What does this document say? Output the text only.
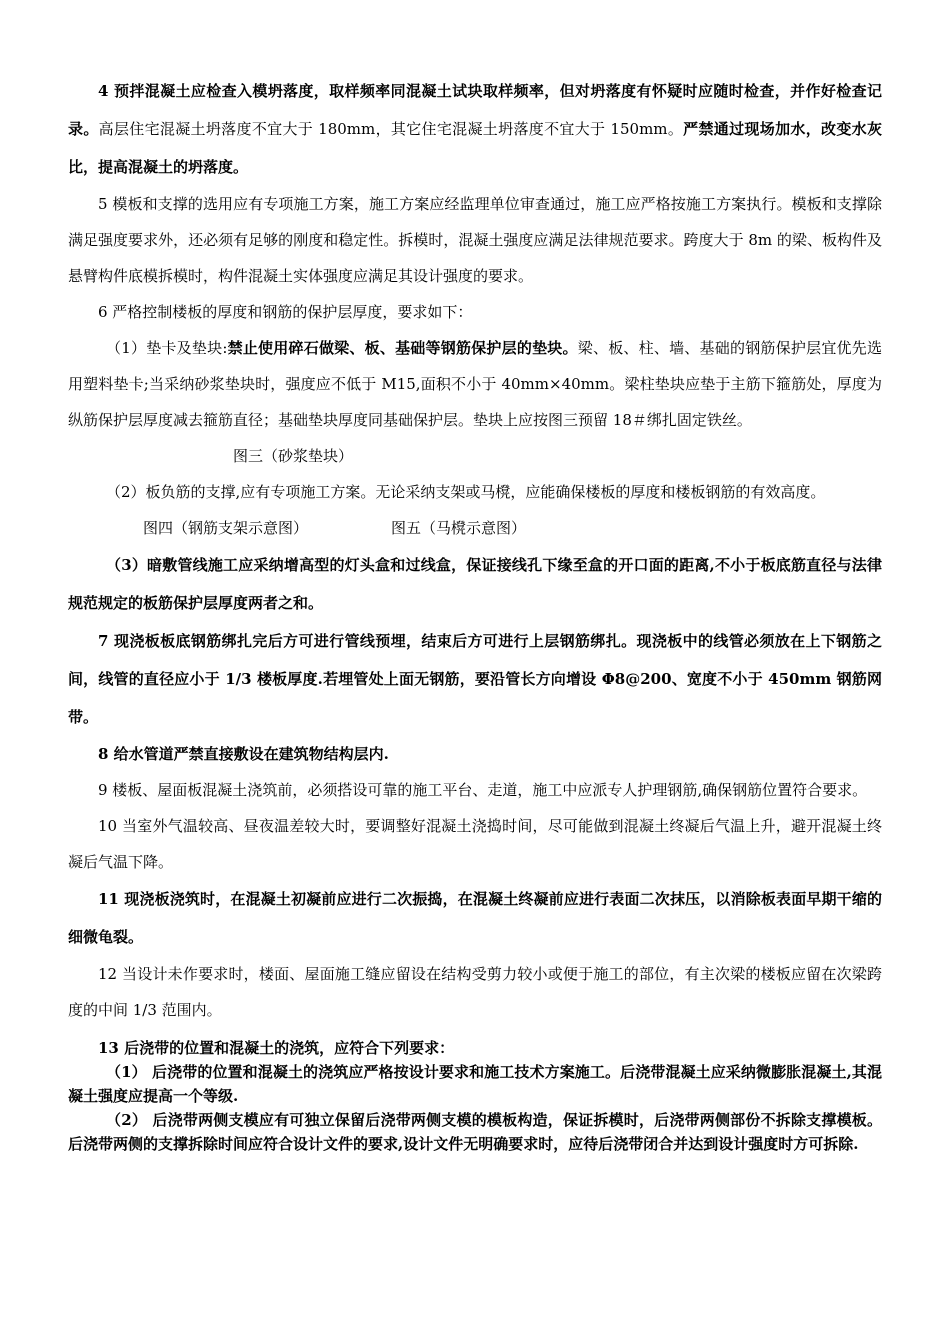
4 预拌混凝土应检查入模坍落度，取样频率同混凝土试块取样频率，但对坍落度有怀疑时应随时检查，并作好检查记录。高层住宅混凝土坍落度不宜大于 180mm，其它住宅混凝土坍落度不宜大于 150mm。严禁通过现场加水，改变水灰比，提高混凝土的坍落度。

5 模板和支撑的选用应有专项施工方案，施工方案应经监理单位审查通过，施工应严格按施工方案执行。模板和支撑除满足强度要求外，还必须有足够的刚度和稳定性。拆模时，混凝土强度应满足法律规范要求。跨度大于 8m 的梁、板构件及悬臂构件底模拆模时，构件混凝土实体强度应满足其设计强度的要求。

6 严格控制楼板的厚度和钢筋的保护层厚度，要求如下：

（1）垫卡及垫块:禁止使用碎石做梁、板、基础等钢筋保护层的垫块。梁、板、柱、墙、基础的钢筋保护层宜优先选用塑料垫卡;当采纳砂浆垫块时，强度应不低于 M15,面积不小于 40mm×40mm。梁柱垫块应垫于主筋下箍筋处，厚度为纵筋保护层厚度减去箍筋直径；基础垫块厚度同基础保护层。垫块上应按图三预留 18＃绑扎固定铁丝。

图三（砂浆垫块）

（2）板负筋的支撑,应有专项施工方案。无论采纳支架或马櫈，应能确保楼板的厚度和楼板钢筋的有效高度。

图四（钢筋支架示意图）	图五（马櫈示意图）

（3）暗敷管线施工应采纳增高型的灯头盒和过线盒，保证接线孔下缘至盒的开口面的距离,不小于板底筋直径与法律规范规定的板筋保护层厚度两者之和。

7 现浇板板底钢筋绑扎完后方可进行管线预埋，结束后方可进行上层钢筋绑扎。现浇板中的线管必须放在上下钢筋之间，线管的直径应小于 1/3 楼板厚度.若埋管处上面无钢筋，要沿管长方向增设 Φ8@200、宽度不小于 450mm 钢筋网带。

8 给水管道严禁直接敷设在建筑物结构层内.

9 楼板、屋面板混凝土浇筑前，必须搭设可靠的施工平台、走道，施工中应派专人护理钢筋,确保钢筋位置符合要求。

10 当室外气温较高、昼夜温差较大时，要调整好混凝土浇捣时间，尽可能做到混凝土终凝后气温上升，避开混凝土终凝后气温下降。

11 现浇板浇筑时，在混凝土初凝前应进行二次振捣，在混凝土终凝前应进行表面二次抹压，以消除板表面早期干缩的细微龟裂。

12 当设计未作要求时，楼面、屋面施工缝应留设在结构受剪力较小或便于施工的部位，有主次梁的楼板应留在次梁跨度的中间 1/3 范围内。

13 后浇带的位置和混凝土的浇筑，应符合下列要求：

（1） 后浇带的位置和混凝土的浇筑应严格按设计要求和施工技术方案施工。后浇带混凝土应采纳微膨胀混凝土,其混凝土强度应提高一个等级.

（2） 后浇带两侧支模应有可独立保留后浇带两侧支模的模板构造，保证拆模时，后浇带两侧部份不拆除支撑模板。后浇带两侧的支撑拆除时间应符合设计文件的要求,设计文件无明确要求时，应待后浇带闭合并达到设计强度时方可拆除.
